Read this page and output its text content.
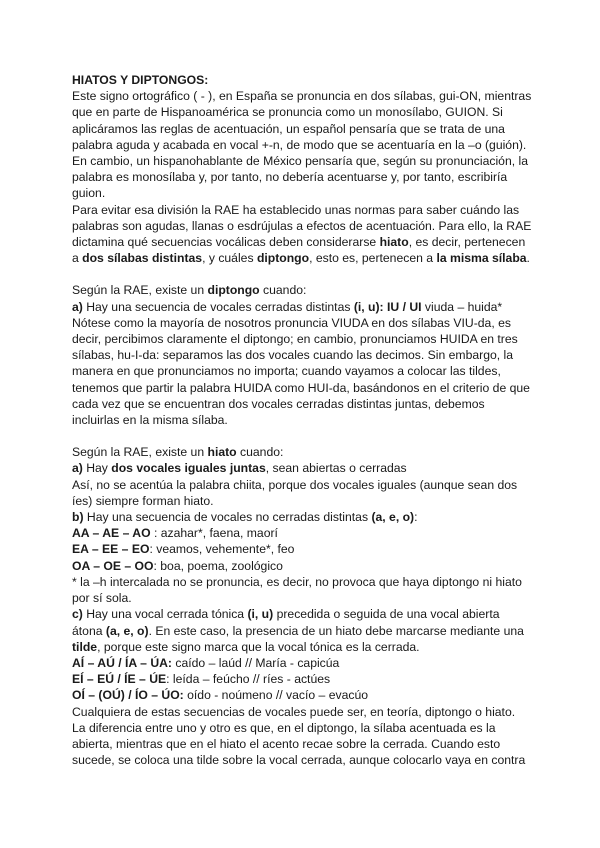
HIATOS Y DIPTONGOS:

Este signo ortográfico ( - ), en España se pronuncia en dos sílabas, gui-ON, mientras que en parte de Hispanoamérica se pronuncia como un monosílabo, GUION. Si aplicáramos las reglas de acentuación, un español pensaría que se trata de una palabra aguda y acabada en vocal +-n, de modo que se acentuaría en la –o (guión). En cambio, un hispanohablante de México pensaría que, según su pronunciación, la palabra es monosílaba y, por tanto, no debería acentuarse y, por tanto, escribiría guion.

Para evitar esa división la RAE ha establecido unas normas para saber cuándo las palabras son agudas, llanas o esdrújulas a efectos de acentuación. Para ello, la RAE dictamina qué secuencias vocálicas deben considerarse hiato, es decir, pertenecen a dos sílabas distintas, y cuáles diptongo, esto es, pertenecen a la misma sílaba.

Según la RAE, existe un diptongo cuando:

a) Hay una secuencia de vocales cerradas distintas (i, u): IU / UI viuda – huida*

Nótese como la mayoría de nosotros pronuncia VIUDA en dos sílabas VIU-da, es decir, percibimos claramente el diptongo; en cambio, pronunciamos HUIDA en tres sílabas, hu-I-da: separamos las dos vocales cuando las decimos. Sin embargo, la manera en que pronunciamos no importa; cuando vayamos a colocar las tildes, tenemos que partir la palabra HUIDA como HUI-da, basándonos en el criterio de que cada vez que se encuentran dos vocales cerradas distintas juntas, debemos incluirlas en la misma sílaba.

Según la RAE, existe un hiato cuando:

a) Hay dos vocales iguales juntas, sean abiertas o cerradas

Así, no se acentúa la palabra chiita, porque dos vocales iguales (aunque sean dos íes) siempre forman hiato.

b) Hay una secuencia de vocales no cerradas distintas (a, e, o):

AA – AE – AO : azahar*, faena, maorí

EA – EE – EO: veamos, vehemente*, feo

OA – OE – OO: boa, poema, zoológico

* la –h intercalada no se pronuncia, es decir, no provoca que haya diptongo ni hiato por sí sola.

c) Hay una vocal cerrada tónica (i, u) precedida o seguida de una vocal abierta átona (a, e, o). En este caso, la presencia de un hiato debe marcarse mediante una tilde, porque este signo marca que la vocal tónica es la cerrada.

AÍ – AÚ / ÍA – ÚA: caído – laúd // María - capicúa

EÍ – EÚ / ÍE – ÚE: leída – feúcho // ríes - actúes

OÍ – (OÚ) / ÍO – ÚO: oído - noúmeno // vacío – evacúo

Cualquiera de estas secuencias de vocales puede ser, en teoría, diptongo o hiato. La diferencia entre uno y otro es que, en el diptongo, la sílaba acentuada es la abierta, mientras que en el hiato el acento recae sobre la cerrada. Cuando esto sucede, se coloca una tilde sobre la vocal cerrada, aunque colocarlo vaya en contra
